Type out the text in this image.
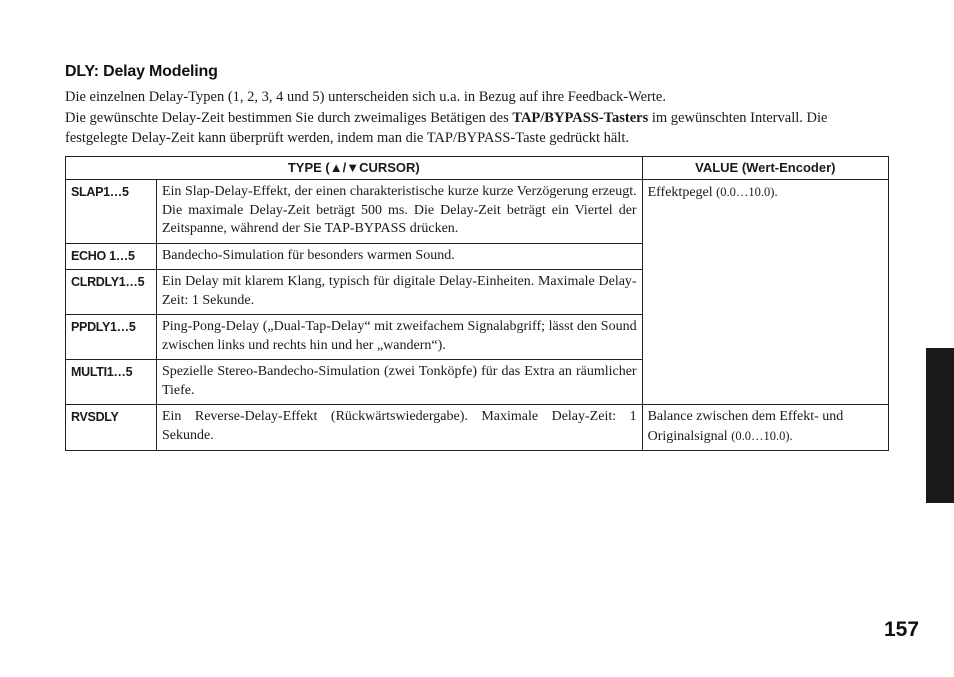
DLY: Delay Modeling

Die einzelnen Delay-Typen (1, 2, 3, 4 und 5) unterscheiden sich u.a. in Bezug auf ihre Feedback-Werte.

Die gewünschte Delay-Zeit bestimmen Sie durch zweimaliges Betätigen des TAP/BYPASS-Tasters im gewünschten Intervall. Die festgelegte Delay-Zeit kann überprüft werden, indem man die TAP/BYPASS-Taste gedrückt hält.

TYPE (▲/▼CURSOR)		VALUE (Wert-Encoder)
SLAP1…5	Ein Slap-Delay-Effekt, der einen charakteristische kurze kurze Verzögerung erzeugt. Die maximale Delay-Zeit beträgt 500 ms. Die Delay-Zeit beträgt ein Viertel der Zeitspanne, während der Sie TAP-BYPASS drücken.	Effektpegel (0.0…10.0).
ECHO 1…5	Bandecho-Simulation für besonders warmen Sound.	
CLRDLY1…5	Ein Delay mit klarem Klang, typisch für digitale Delay-Einheiten. Maximale Delay-Zeit: 1 Sekunde.	
PPDLY1…5	Ping-Pong-Delay („Dual-Tap-Delay“ mit zweifachem Signalabgriff; lässt den Sound zwischen links und rechts hin und her „wandern“).	
MULTI1…5	Spezielle Stereo-Bandecho-Simulation (zwei Tonköpfe) für das Extra an räumlicher Tiefe.	
RVSDLY	Ein Reverse-Delay-Effekt (Rückwärtswiedergabe). Maximale Delay-Zeit: 1 Sekunde.	Balance zwischen dem Effekt- und Originalsignal (0.0…10.0).
157
